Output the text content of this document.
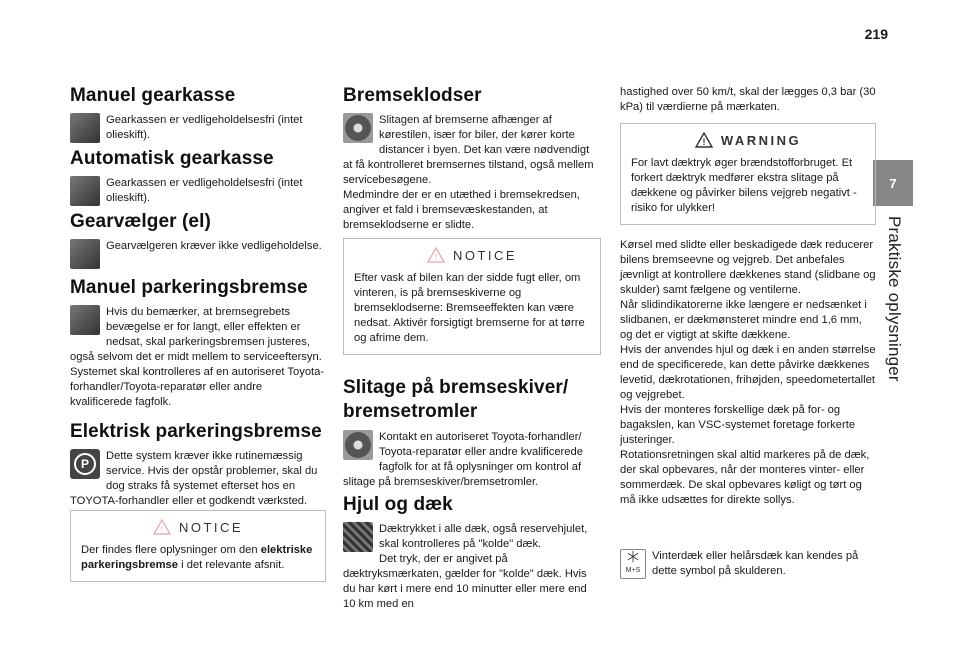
219
7
Praktiske oplysninger
Manuel gearkasse
Gearkassen er vedligeholdelsesfri (intet olieskift).
Automatisk gearkasse
Gearkassen er vedligeholdelsesfri (intet olieskift).
Gearvælger (el)
Gearvælgeren kræver ikke vedligeholdelse.
Manuel parkeringsbremse
Hvis du bemærker, at bremsegrebets bevægelse er for langt, eller effekten er nedsat, skal parkeringsbremsen justeres, også selvom det er midt mellem to serviceeftersyn. Systemet skal kontrolleres af en autoriseret Toyota-forhandler/Toyota-reparatør eller andre kvalificerede fagfolk.
Elektrisk parkeringsbremse
P
Dette system kræver ikke rutinemæssig service. Hvis der opstår problemer, skal du dog straks få systemet efterset hos en TOYOTA-forhandler eller et godkendt værksted.
! NOTICE
Der findes flere oplysninger om den elektriske parkeringsbremse i det relevante afsnit.
Bremseklodser
Slitagen af bremserne afhænger af kørestilen, især for biler, der kører korte distancer i byen. Det kan være nødvendigt at få kontrolleret bremsernes tilstand, også mellem servicebesøgene.
Medmindre der er en utæthed i bremsekredsen, angiver et fald i bremsevæskestanden, at bremseklodserne er slidte.
! NOTICE
Efter vask af bilen kan der sidde fugt eller, om vinteren, is på bremseskiverne og bremseklodserne: Bremseeffekten kan være nedsat. Aktivér forsigtigt bremserne for at tørre og afrime dem.
Slitage på bremseskiver/ bremsetromler
Kontakt en autoriseret Toyota-forhandler/ Toyota-reparatør eller andre kvalificerede fagfolk for at få oplysninger om kontrol af slitage på bremseskiver/bremsetromler.
Hjul og dæk
Dæktrykket i alle dæk, også reservehjulet, skal kontrolleres på "kolde" dæk.
Det tryk, der er angivet på dæktryksmærkaten, gælder for "kolde" dæk. Hvis du har kørt i mere end 10 minutter eller mere end 10 km med en
hastighed over 50 km/t, skal der lægges 0,3 bar (30 kPa) til værdierne på mærkaten.
! WARNING
For lavt dæktryk øger brændstofforbruget. Et forkert dæktryk medfører ekstra slitage på dækkene og påvirker bilens vejgreb negativt - risiko for ulykker!
Kørsel med slidte eller beskadigede dæk reducerer bilens bremseevne og vejgreb. Det anbefales jævnligt at kontrollere dækkenes stand (slidbane og skulder) samt fælgene og ventilerne.
Når slidindikatorerne ikke længere er nedsænket i slidbanen, er dækmønsteret mindre end 1,6 mm, og det er vigtigt at skifte dækkene.
Hvis der anvendes hjul og dæk i en anden størrelse end de specificerede, kan dette påvirke dækkenes levetid, dækrotationen, frihøjden, speedometertallet og vejgrebet.
Hvis der monteres forskellige dæk på for- og bagakslen, kan VSC-systemet foretage forkerte justeringer.
Rotationsretningen skal altid markeres på de dæk, der skal opbevares, når der monteres vinter- eller sommerdæk. De skal opbevares køligt og tørt og må ikke udsættes for direkte sollys.
M+S
Vinterdæk eller helårsdæk kan kendes på dette symbol på skulderen.
